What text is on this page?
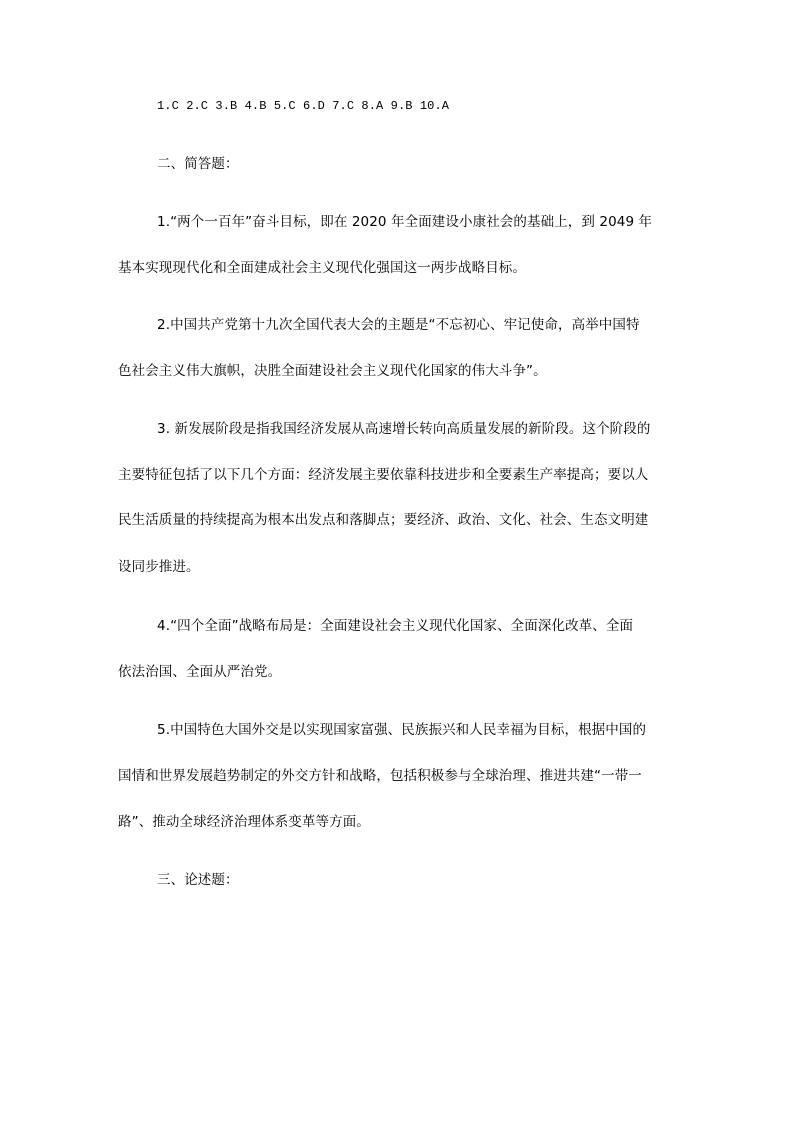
1.C 2.C 3.B 4.B 5.C 6.D 7.C 8.A 9.B 10.A
二、简答题：
1.“两个一百年”奋斗目标，即在 2020 年全面建设小康社会的基础上，到 2049 年
基本实现现代化和全面建成社会主义现代化强国这一两步战略目标。
2.中国共产党第十九次全国代表大会的主题是“不忘初心、牢记使命，高举中国特
色社会主义伟大旗帜，决胜全面建设社会主义现代化国家的伟大斗争”。
3. 新发展阶段是指我国经济发展从高速增长转向高质量发展的新阶段。这个阶段的
主要特征包括了以下几个方面：经济发展主要依靠科技进步和全要素生产率提高；要以人
民生活质量的持续提高为根本出发点和落脚点；要经济、政治、文化、社会、生态文明建
设同步推进。
4.“四个全面”战略布局是：全面建设社会主义现代化国家、全面深化改革、全面
依法治国、全面从严治党。
5.中国特色大国外交是以实现国家富强、民族振兴和人民幸福为目标，根据中国的
国情和世界发展趋势制定的外交方针和战略，包括积极参与全球治理、推进共建“一带一
路”、推动全球经济治理体系变革等方面。
三、论述题：
